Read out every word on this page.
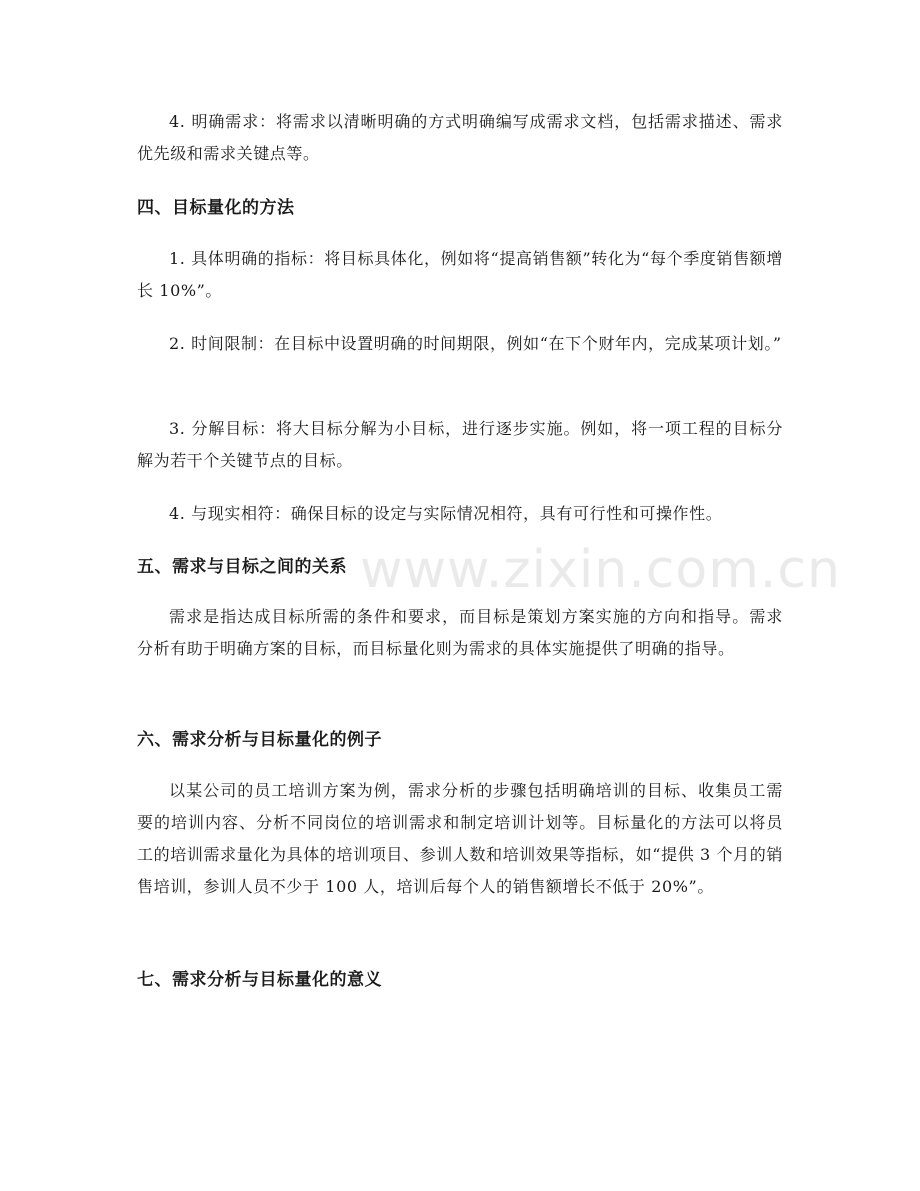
4. 明确需求：将需求以清晰明确的方式明确编写成需求文档，包括需求描述、需求优先级和需求关键点等。

四、目标量化的方法

1. 具体明确的指标：将目标具体化，例如将“提高销售额”转化为“每个季度销售额增长 10%”。

2. 时间限制：在目标中设置明确的时间期限，例如“在下个财年内，完成某项计划。”

3. 分解目标：将大目标分解为小目标，进行逐步实施。例如，将一项工程的目标分解为若干个关键节点的目标。

4. 与现实相符：确保目标的设定与实际情况相符，具有可行性和可操作性。

五、需求与目标之间的关系

需求是指达成目标所需的条件和要求，而目标是策划方案实施的方向和指导。需求分析有助于明确方案的目标，而目标量化则为需求的具体实施提供了明确的指导。

六、需求分析与目标量化的例子

以某公司的员工培训方案为例，需求分析的步骤包括明确培训的目标、收集员工需要的培训内容、分析不同岗位的培训需求和制定培训计划等。目标量化的方法可以将员工的培训需求量化为具体的培训项目、参训人数和培训效果等指标，如“提供 3 个月的销售培训，参训人员不少于 100 人，培训后每个人的销售额增长不低于 20%”。

七、需求分析与目标量化的意义

www.zixin.com.cn
